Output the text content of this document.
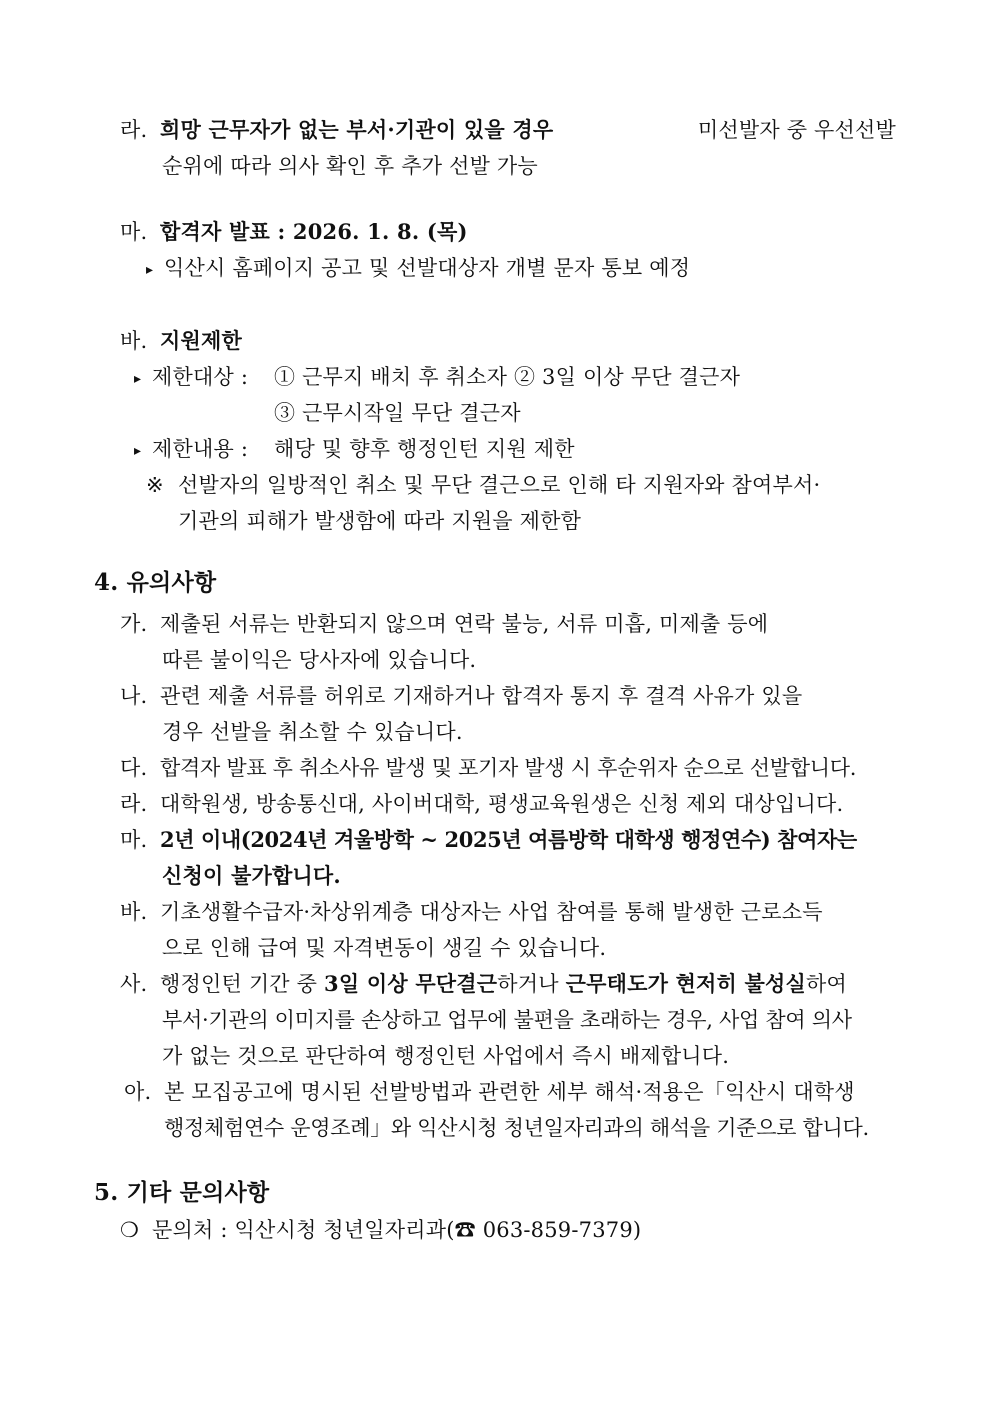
라. 희망 근무자가 없는 부서·기관이 있을 경우	미선발자 중 우선선발
순위에 따라 의사 확인 후 추가 선발 가능
마. 합격자 발표 : 2026. 1. 8. (목)
▸ 익산시 홈페이지 공고 및 선발대상자 개별 문자 통보 예정
바. 지원제한
▸ 제한대상 : ① 근무지 배치 후 취소자 ② 3일 이상 무단 결근자
③ 근무시작일 무단 결근자
▸ 제한내용 : 해당 및 향후 행정인턴 지원 제한
※ 선발자의 일방적인 취소 및 무단 결근으로 인해 타 지원자와 참여부서·
기관의 피해가 발생함에 따라 지원을 제한함
4. 유의사항
가. 제출된 서류는 반환되지 않으며 연락 불능, 서류 미흡, 미제출 등에
따른 불이익은 당사자에 있습니다.
나. 관련 제출 서류를 허위로 기재하거나 합격자 통지 후 결격 사유가 있을
경우 선발을 취소할 수 있습니다.
다. 합격자 발표 후 취소사유 발생 및 포기자 발생 시 후순위자 순으로 선발합니다.
라. 대학원생, 방송통신대, 사이버대학, 평생교육원생은 신청 제외 대상입니다.
마. 2년 이내(2024년 겨울방학 ~ 2025년 여름방학 대학생 행정연수) 참여자는
신청이 불가합니다.
바. 기초생활수급자·차상위계층 대상자는 사업 참여를 통해 발생한 근로소득
으로 인해 급여 및 자격변동이 생길 수 있습니다.
사. 행정인턴 기간 중 3일 이상 무단결근하거나 근무태도가 현저히 불성실하여
부서·기관의 이미지를 손상하고 업무에 불편을 초래하는 경우, 사업 참여 의사
가 없는 것으로 판단하여 행정인턴 사업에서 즉시 배제합니다.
아. 본 모집공고에 명시된 선발방법과 관련한 세부 해석·적용은「익산시 대학생
행정체험연수 운영조례」와 익산시청 청년일자리과의 해석을 기준으로 합니다.
5. 기타 문의사항
❍ 문의처 : 익산시청 청년일자리과(☎ 063-859-7379)
